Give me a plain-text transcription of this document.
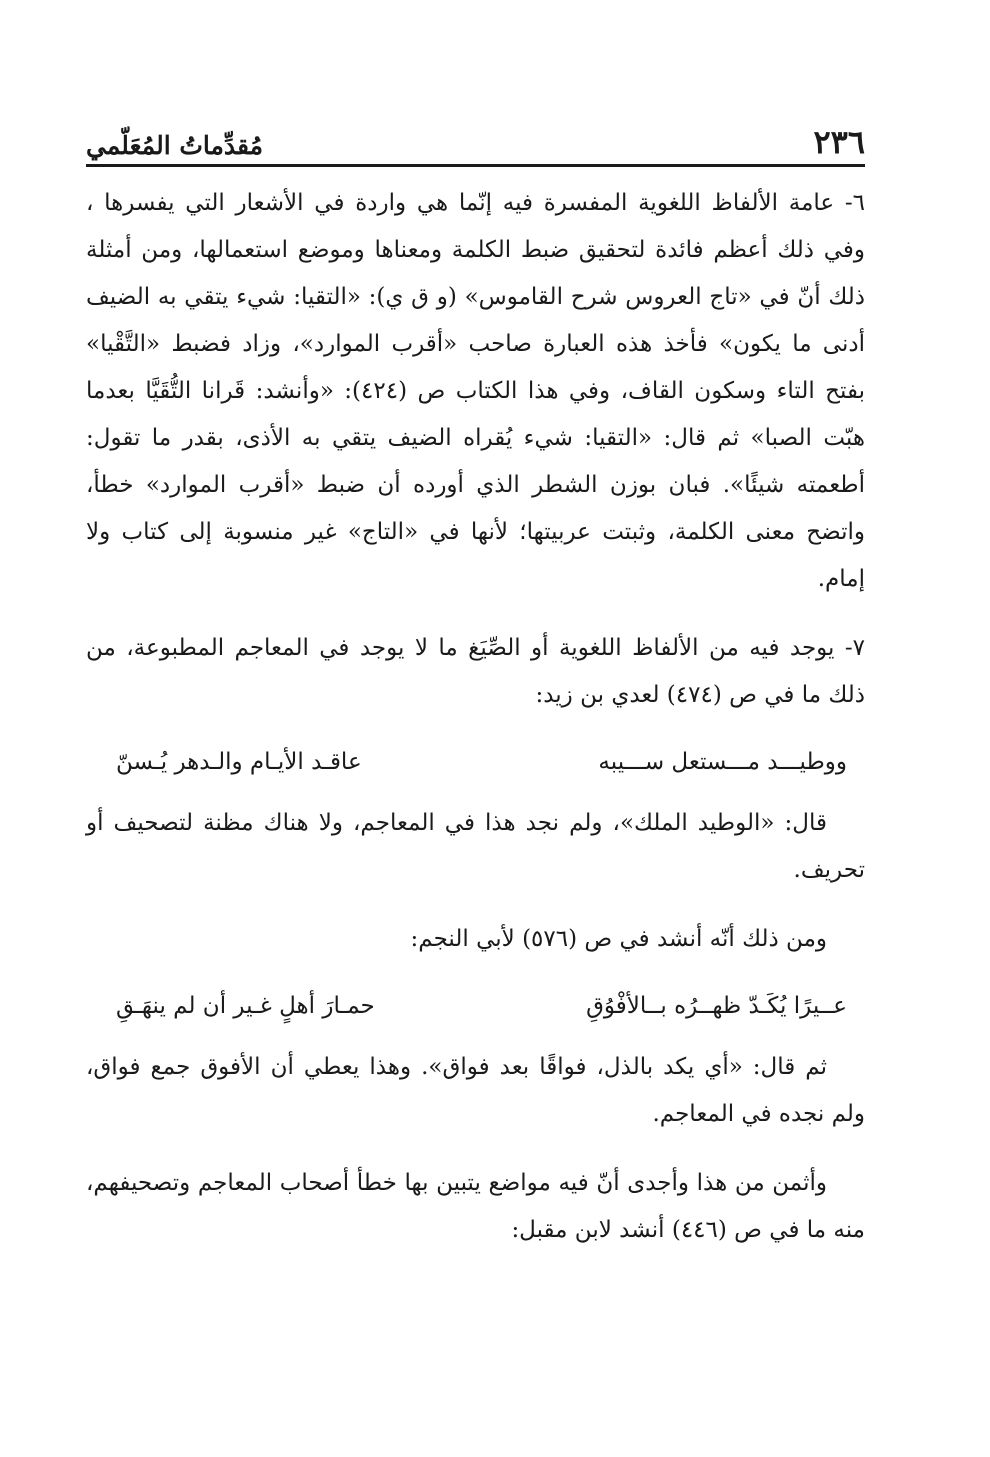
٢٣٦
مُقدِّماتُ المُعَلّمي

٦- عامة الألفاظ اللغوية المفسرة فيه إنّما هي واردة في الأشعار التي يفسرها ، وفي ذلك أعظم فائدة لتحقيق ضبط الكلمة ومعناها وموضع استعمالها، ومن أمثلة ذلك أنّ في «تاج العروس شرح القاموس» (و ق ي): «التقيا: شيء يتقي به الضيف أدنى ما يكون» فأخذ هذه العبارة صاحب «أقرب الموارد»، وزاد فضبط «التَّقْيا» بفتح التاء وسكون القاف، وفي هذا الكتاب ص (٤٢٤): «وأنشد: قَرانا التُّقَيَّا بعدما هبّت الصبا» ثم قال: «التقيا: شيء يُقراه الضيف يتقي به الأذى، بقدر ما تقول: أطعمته شيئًا». فبان بوزن الشطر الذي أورده أن ضبط «أقرب الموارد» خطأ، واتضح معنى الكلمة، وثبتت عربيتها؛ لأنها في «التاج» غير منسوبة إلى كتاب ولا إمام.

٧- يوجد فيه من الألفاظ اللغوية أو الصِّيَغ ما لا يوجد في المعاجم المطبوعة، من ذلك ما في ص (٤٧٤) لعدي بن زيد:

ووطيـــد مـــستعل ســـيبه
عاقـد الأيـام والـدهر يُـسنّ

قال: «الوطيد الملك»، ولم نجد هذا في المعاجم، ولا هناك مظنة لتصحيف أو تحريف.

ومن ذلك أنّه أنشد في ص (٥٧٦) لأبي النجم:

عــيرًا يُكَـدّ ظهــرُه بــالأفْوُقِ
حمـارَ أهلٍ غـير أن لم ينهَـقِ

ثم قال: «أي يكد بالذل، فواقًا بعد فواق». وهذا يعطي أن الأفوق جمع فواق، ولم نجده في المعاجم.

وأثمن من هذا وأجدى أنّ فيه مواضع يتبين بها خطأ أصحاب المعاجم وتصحيفهم، منه ما في ص (٤٤٦) أنشد لابن مقبل:
